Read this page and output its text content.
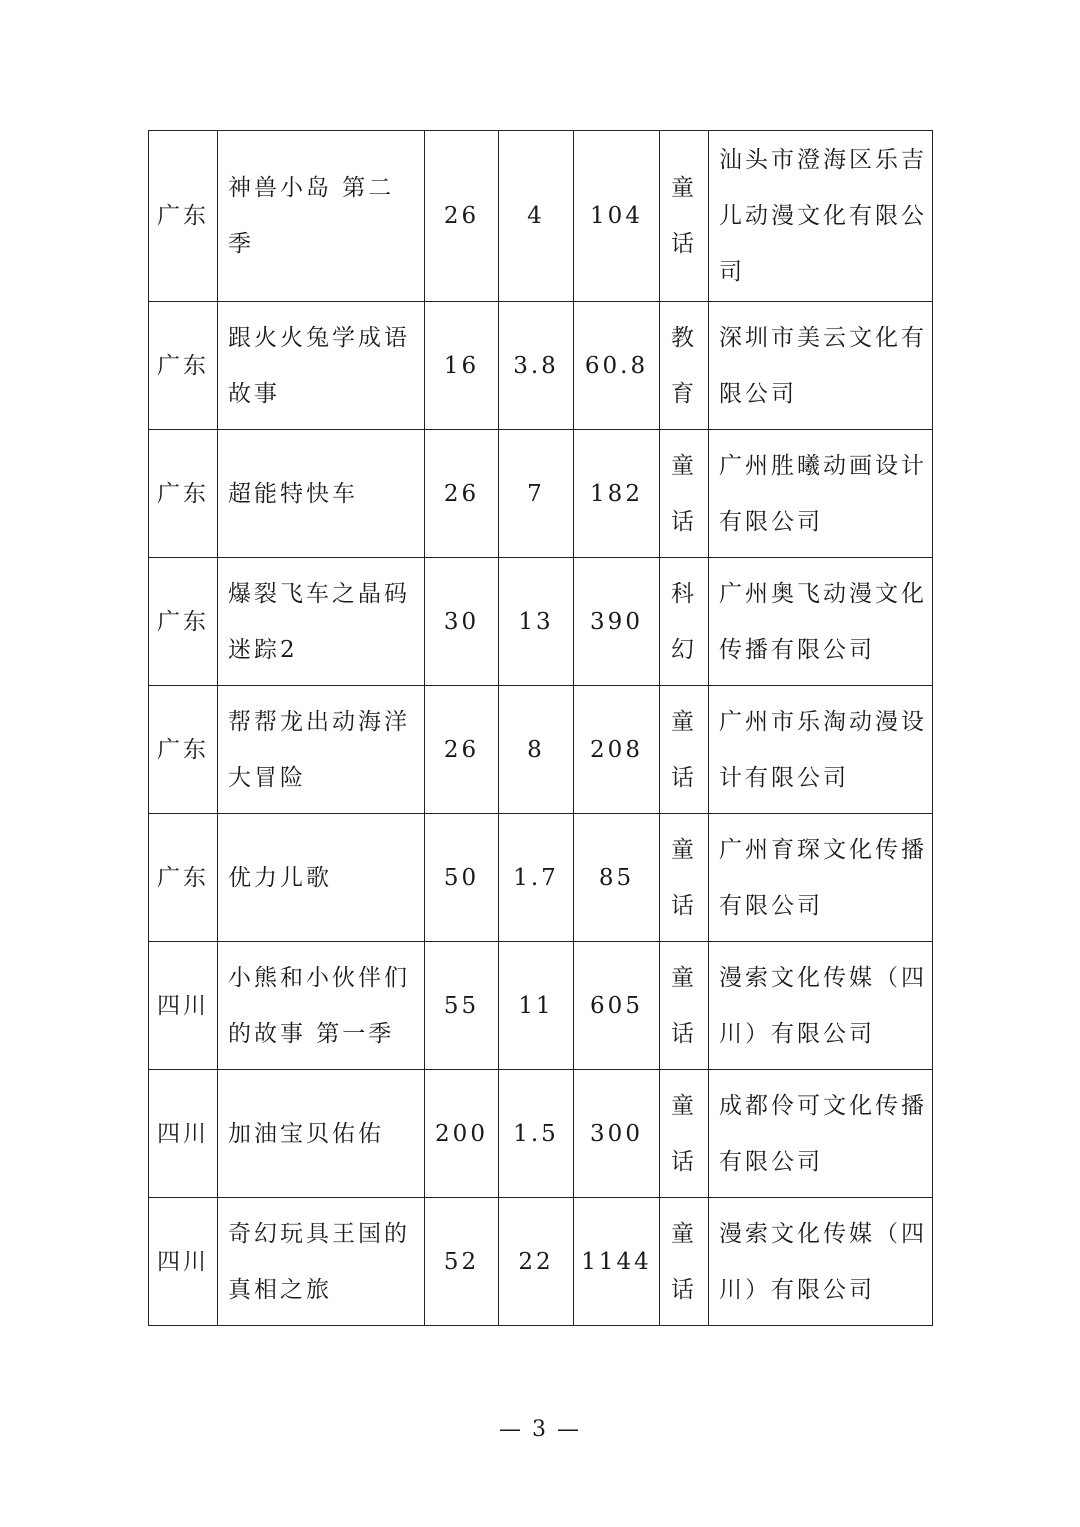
广东	神兽小岛 第二季	26	4	104	童话	汕头市澄海区乐吉儿动漫文化有限公司
广东	跟火火兔学成语故事	16	3.8	60.8	教育	深圳市美云文化有限公司
广东	超能特快车	26	7	182	童话	广州胜曦动画设计有限公司
广东	爆裂飞车之晶码迷踪2	30	13	390	科幻	广州奥飞动漫文化传播有限公司
广东	帮帮龙出动海洋大冒险	26	8	208	童话	广州市乐淘动漫设计有限公司
广东	优力儿歌	50	1.7	85	童话	广州育琛文化传播有限公司
四川	小熊和小伙伴们的故事 第一季	55	11	605	童话	漫索文化传媒（四川）有限公司
四川	加油宝贝佑佑	200	1.5	300	童话	成都伶可文化传播有限公司
四川	奇幻玩具王国的真相之旅	52	22	1144	童话	漫索文化传媒（四川）有限公司
— 3 —
